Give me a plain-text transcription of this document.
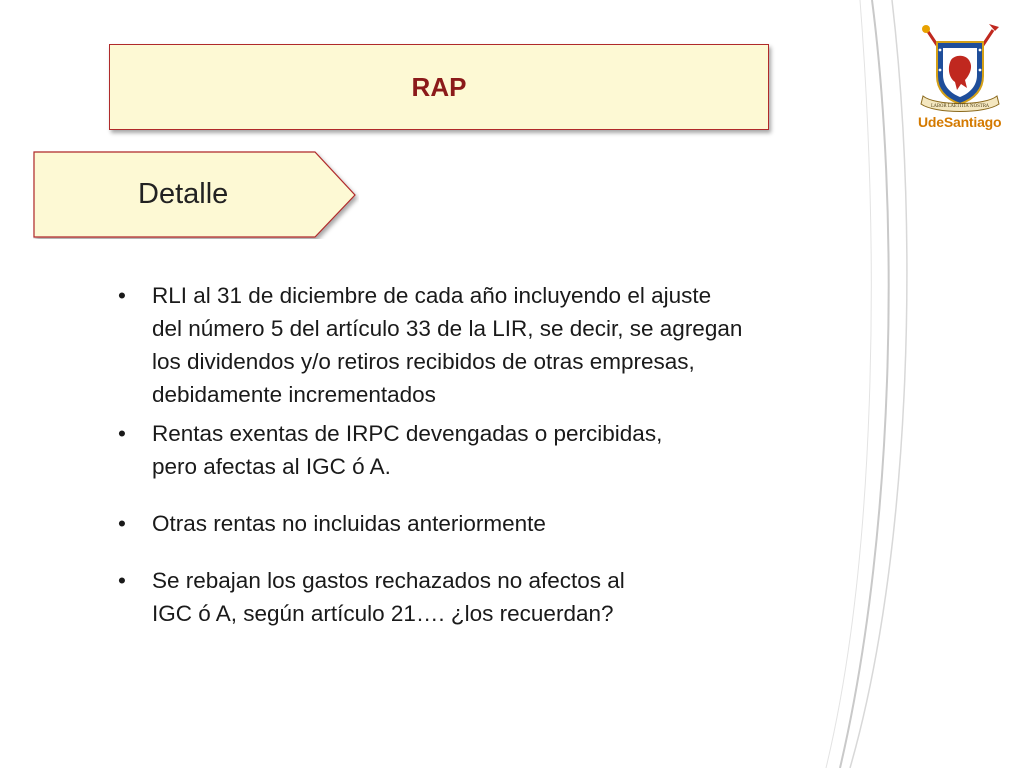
RAP
Detalle
• RLI al 31 de diciembre de cada año incluyendo el ajuste
del número 5 del artículo 33 de la LIR, se decir, se agregan
los dividendos y/o retiros recibidos de otras empresas,
debidamente incrementados
• Rentas exentas de IRPC devengadas o percibidas,
pero afectas al IGC ó A.
• Otras rentas no incluidas anteriormente
• Se rebajan los gastos rechazados no afectos al
IGC ó A, según artículo 21…. ¿los recuerdan?
LABOR LAETITIA NOSTRA
UdeSantiago
